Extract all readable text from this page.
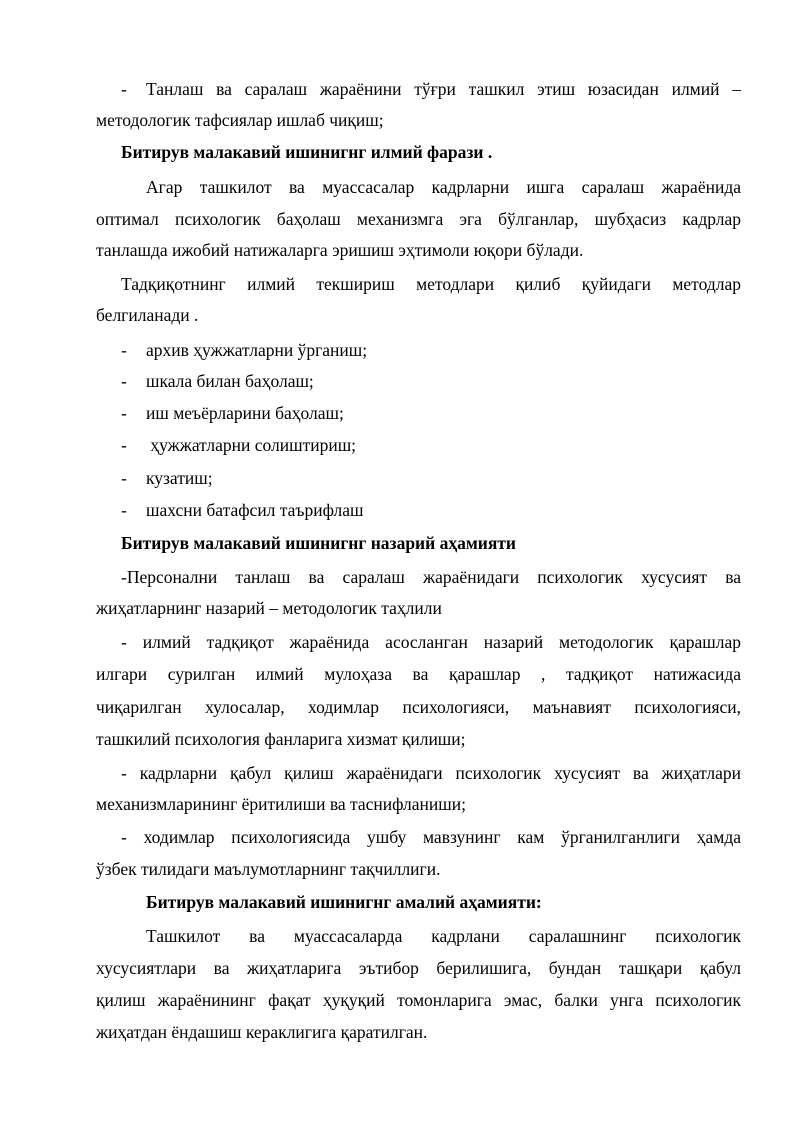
- Танлаш ва саралаш жараёнини тўғри ташкил этиш юзасидан илмий –
методологик тафсиялар ишлаб чиқиш;
Битирув малакавий ишинигнг илмий фарази .
Агар ташкилот ва муассасалар кадрларни ишга саралаш жараёнида
оптимал психологик баҳолаш механизмга эга бўлганлар, шубҳасиз кадрлар
танлашда ижобий натижаларга эришиш эҳтимоли юқори бўлади.
Тадқиқотнинг илмий текшириш методлари қилиб қуйидаги методлар
белгиланади .
- архив ҳужжатларни ўрганиш;
- шкала билан баҳолаш;
- иш меъёрларини баҳолаш;
- ҳужжатларни солиштириш;
- кузатиш;
- шахсни батафсил таърифлаш
Битирув малакавий ишинигнг назарий аҳамияти
-Персонални танлаш ва саралаш жараёнидаги психологик хусусият ва
жиҳатларнинг назарий – методологик таҳлили
- илмий тадқиқот жараёнида асосланган назарий методологик қарашлар
илгари сурилган илмий мулоҳаза ва қарашлар , тадқиқот натижасида
чиқарилган хулосалар, ходимлар психологияси, маънавият психологияси,
ташкилий психология фанларига хизмат қилиши;
- кадрларни қабул қилиш жараёнидаги психологик хусусият ва жиҳатлари
механизмларининг ёритилиши ва таснифланиши;
- ходимлар психологиясида ушбу мавзунинг кам ўрганилганлиги ҳамда
ўзбек тилидаги маълумотларнинг тақчиллиги.
Битирув малакавий ишинигнг амалий аҳамияти:
Ташкилот ва муассасаларда кадрлани саралашнинг психологик
хусусиятлари ва жиҳатларига эътибор берилишига, бундан ташқари қабул
қилиш жараёнининг фақат ҳуқуқий томонларига эмас, балки унга психологик
жиҳатдан ёндашиш кераклигига қаратилган.
